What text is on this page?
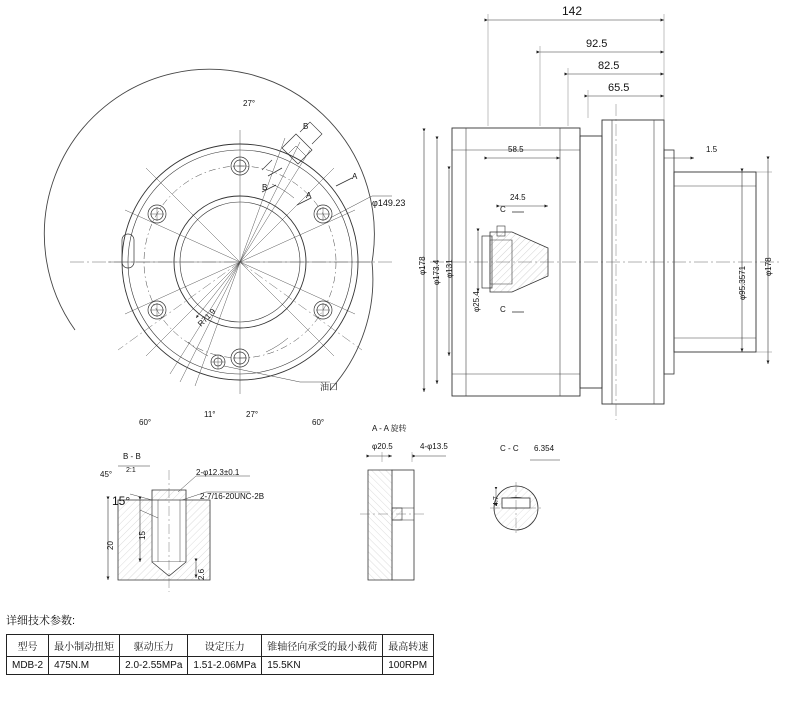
27°
B
B
A
A
φ149.23
R71.9
油口
60°	60°
11°	27°
142
92.5
82.5
65.5
58.5
24.5
1.5
C
C
φ178 φ173.4 φ131
φ25.4
φ95.3571 φ178
B - B
2:1
45°
15°
20
15
2.6
2-φ12.3±0.1
2-7/16-20UNC-2B
A - A 旋转
φ20.5	4-φ13.5	C - C 6.354
4.7
详细技术参数:
型号	最小制动扭矩	驱动压力	设定压力	锥轴径向承受的最小载荷	最高转速
MDB-2	475N.M	2.0-2.55MPa	1.51-2.06MPa	15.5KN	100RPM
